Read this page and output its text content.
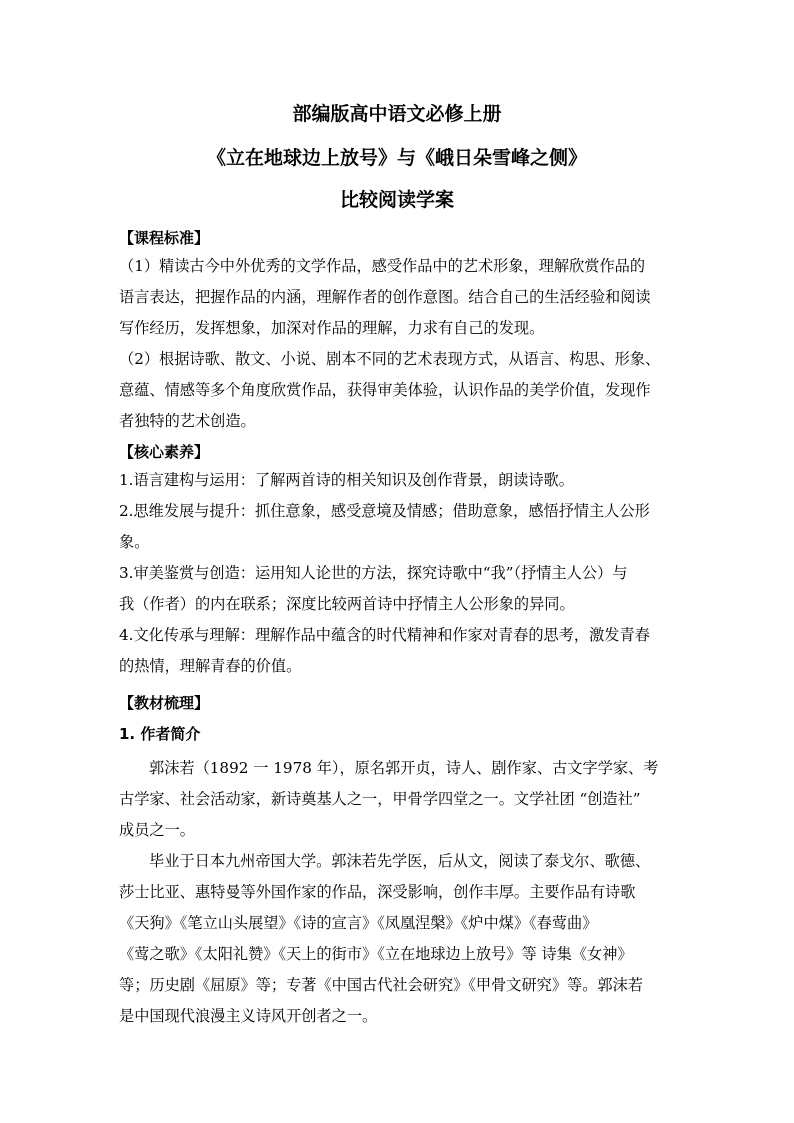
部编版高中语文必修上册
《立在地球边上放号》与《峨日朵雪峰之侧》
比较阅读学案
【课程标准】
（1）精读古今中外优秀的文学作品，感受作品中的艺术形象，理解欣赏作品的
语言表达，把握作品的内涵，理解作者的创作意图。结合自己的生活经验和阅读
写作经历，发挥想象，加深对作品的理解，力求有自己的发现。
（2）根据诗歌、散文、小说、剧本不同的艺术表现方式，从语言、构思、形象、
意蕴、情感等多个角度欣赏作品，获得审美体验，认识作品的美学价值，发现作
者独特的艺术创造。
【核心素养】
1.语言建构与运用：了解两首诗的相关知识及创作背景，朗读诗歌。
2.思维发展与提升：抓住意象，感受意境及情感；借助意象，感悟抒情主人公形
象。
3.审美鉴赏与创造：运用知人论世的方法，探究诗歌中“我”（抒情主人公）与
我（作者）的内在联系；深度比较两首诗中抒情主人公形象的异同。
4.文化传承与理解：理解作品中蕴含的时代精神和作家对青春的思考，激发青春
的热情，理解青春的价值。
【教材梳理】
1. 作者简介
郭沫若（1892 一 1978 年），原名郭开贞，诗人、剧作家、古文字学家、考
古学家、社会活动家，新诗奠基人之一，甲骨学四堂之一。文学社团 “创造社”
成员之一。
毕业于日本九州帝国大学。郭沫若先学医，后从文，阅读了泰戈尔、歌德、
莎士比亚、惠特曼等外国作家的作品，深受影响，创作丰厚。主要作品有诗歌
《天狗》《笔立山头展望》《诗的宣言》《凤凰涅槃》《炉中煤》《春莺曲》
《莺之歌》《太阳礼赞》《天上的街市》《立在地球边上放号》等 诗集《女神》
等；历史剧《屈原》等；专著《中国古代社会研究》《甲骨文研究》等。郭沫若
是中国现代浪漫主义诗风开创者之一。
